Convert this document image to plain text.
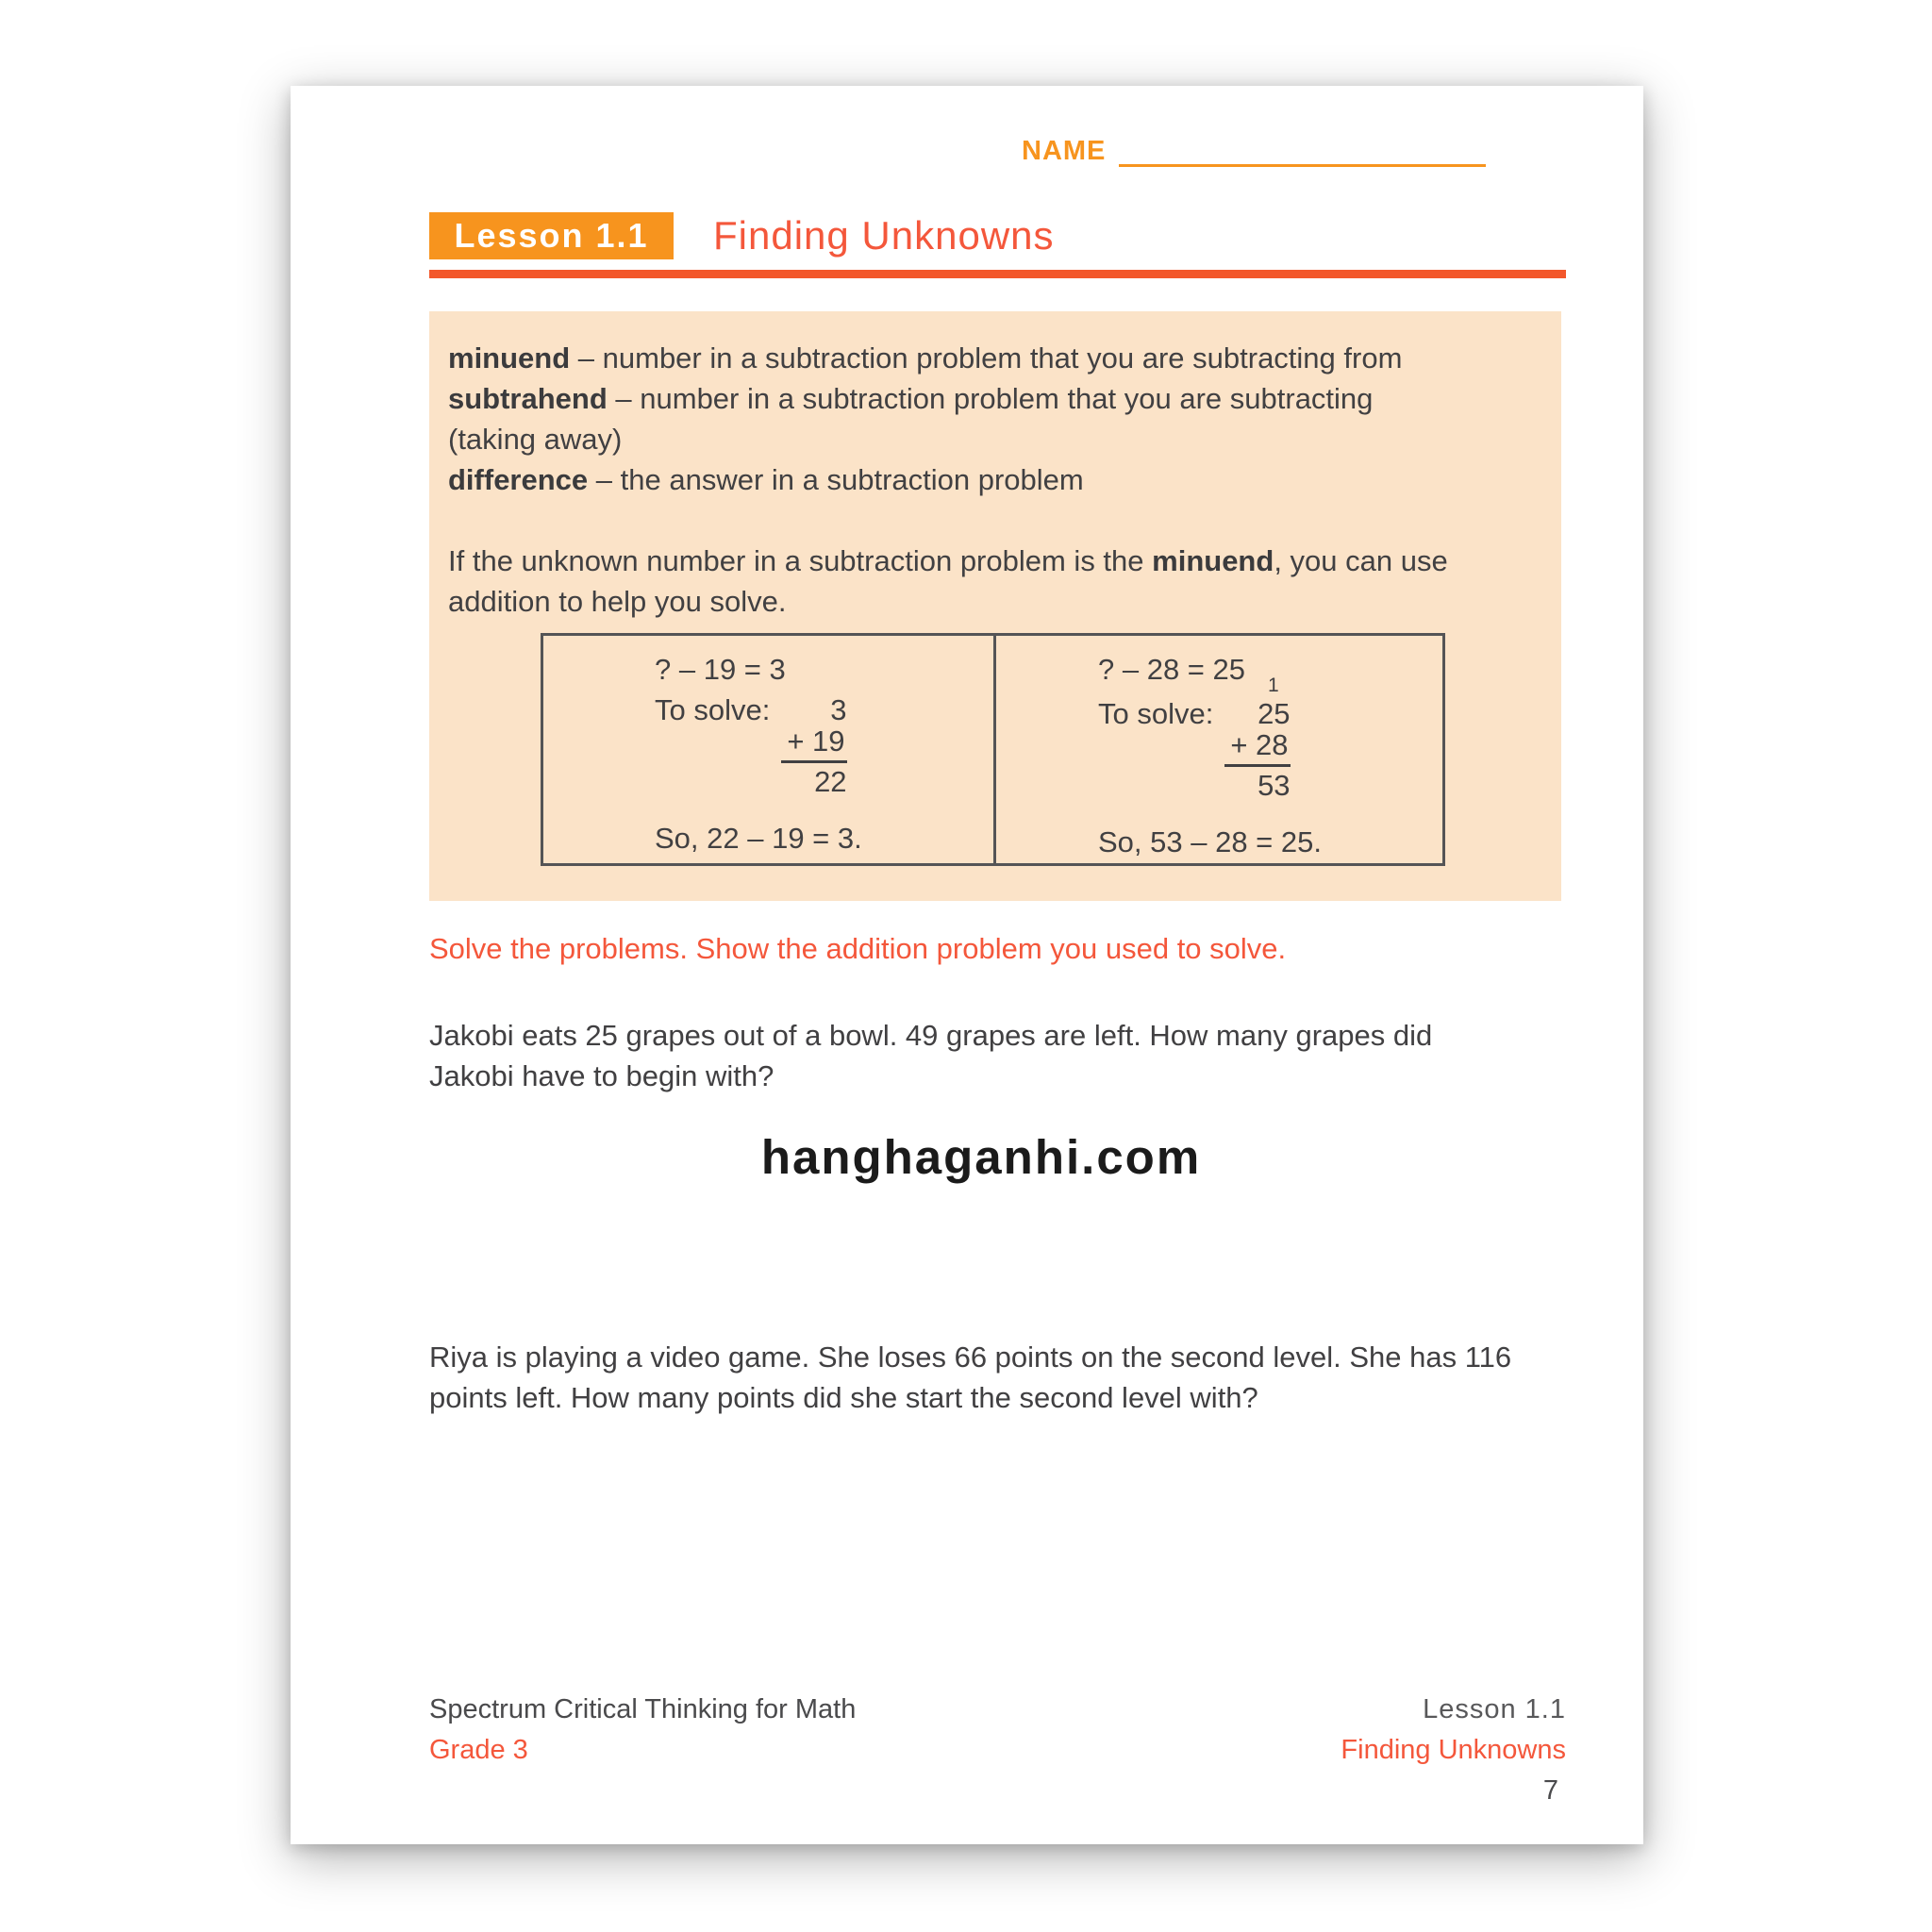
NAME
Lesson 1.1	Finding Unknowns
minuend – number in a subtraction problem that you are subtracting from
subtrahend – number in a subtraction problem that you are subtracting
(taking away)
difference – the answer in a subtraction problem
If the unknown number in a subtraction problem is the minuend, you can use
addition to help you solve.
? – 19 = 3
To solve:	3
+ 19
22
So, 22 – 19 = 3.
? – 28 = 25 $_1$
To solve:	25
+ 28
53
So, 53 – 28 = 25.
Solve the problems. Show the addition problem you used to solve.
Jakobi eats 25 grapes out of a bowl. 49 grapes are left. How many grapes did
Jakobi have to begin with?
hanghaganhi.com
Riya is playing a video game. She loses 66 points on the second level. She has 116
points left. How many points did she start the second level with?
Spectrum Critical Thinking for Math
Grade 3
Lesson 1.1
Finding Unknowns
7
